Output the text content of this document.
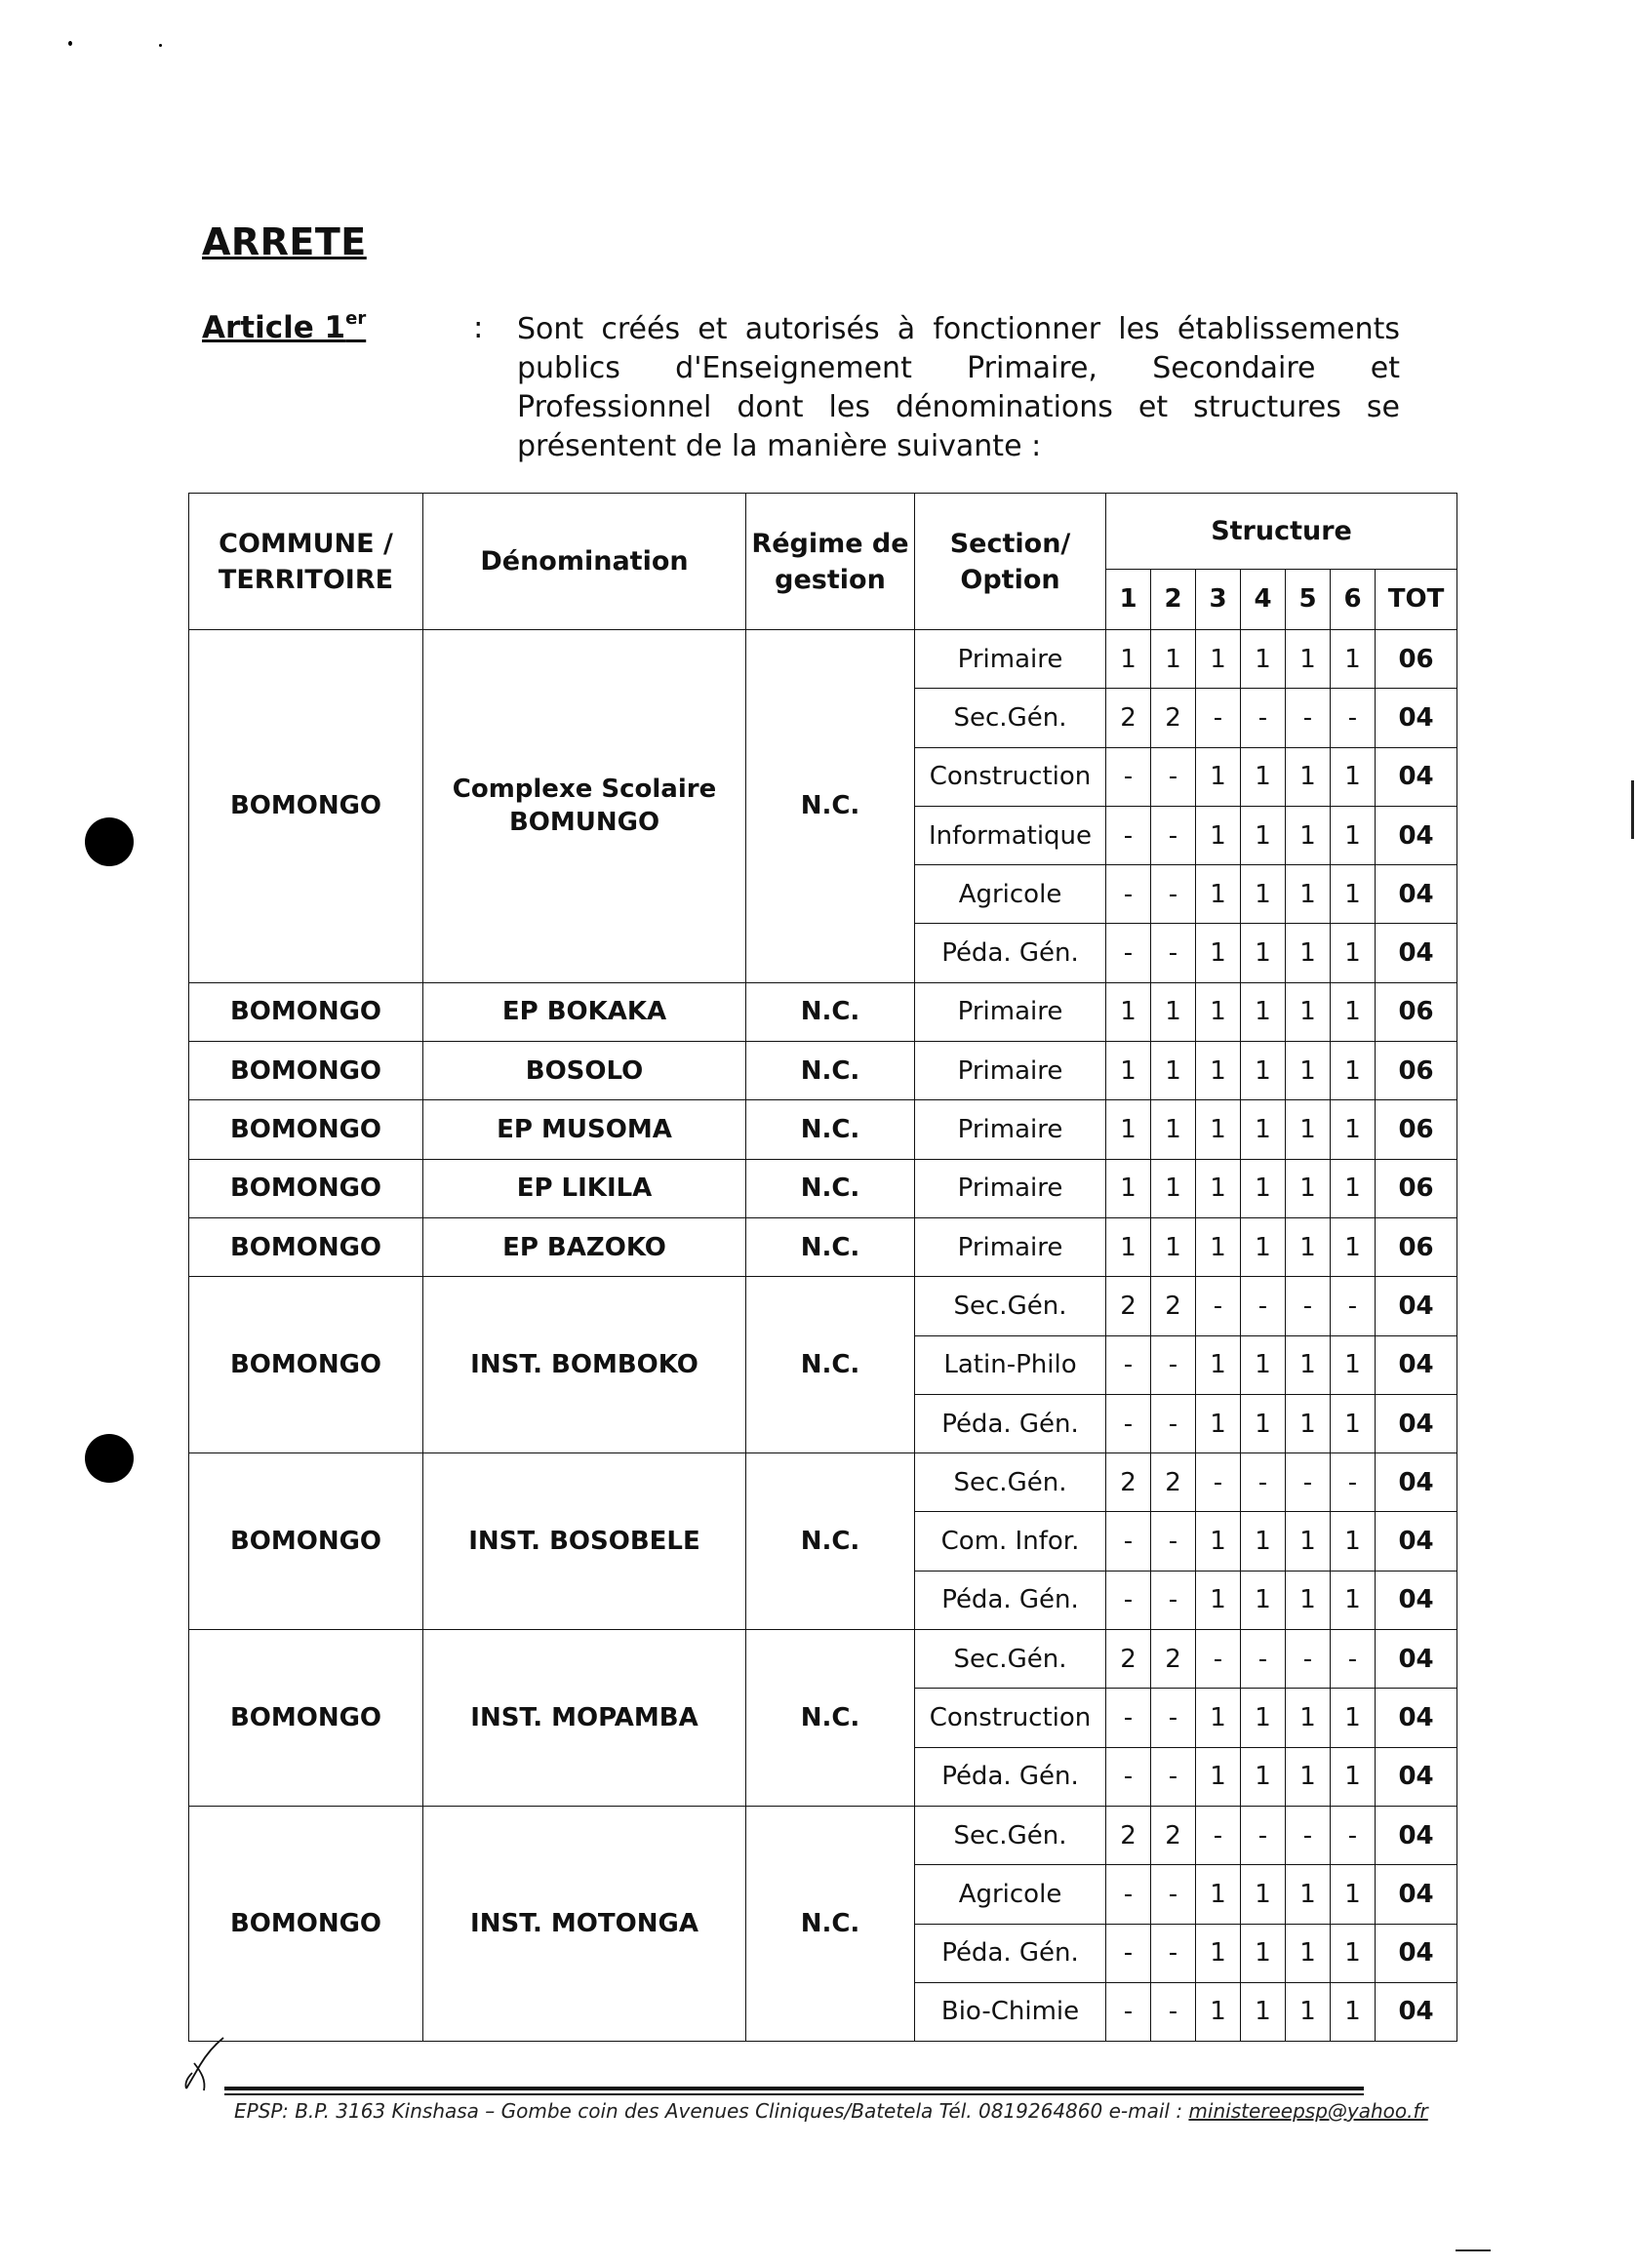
ARRETE
Article 1er	: Sont créés et autorisés à fonctionner les établissements publics d'Enseignement Primaire, Secondaire et Professionnel dont les dénominations et structures se présentent de la manière suivante :
COMMUNE / TERRITOIRE	Dénomination	Régime de gestion	Section/ Option	Structure						
				1	2	3	4	5	6	TOT
BOMONGO	Complexe Scolaire BOMUNGO	N.C.	Primaire	1	1	1	1	1	1	06
			Sec.Gén.	2	2	-	-	-	-	04
			Construction	-	-	1	1	1	1	04
			Informatique	-	-	1	1	1	1	04
			Agricole	-	-	1	1	1	1	04
			Péda. Gén.	-	-	1	1	1	1	04
BOMONGO	EP BOKAKA	N.C.	Primaire	1	1	1	1	1	1	06
BOMONGO	BOSOLO	N.C.	Primaire	1	1	1	1	1	1	06
BOMONGO	EP MUSOMA	N.C.	Primaire	1	1	1	1	1	1	06
BOMONGO	EP LIKILA	N.C.	Primaire	1	1	1	1	1	1	06
BOMONGO	EP BAZOKO	N.C.	Primaire	1	1	1	1	1	1	06
BOMONGO	INST. BOMBOKO	N.C.	Sec.Gén.	2	2	-	-	-	-	04
			Latin-Philo	-	-	1	1	1	1	04
			Péda. Gén.	-	-	1	1	1	1	04
BOMONGO	INST. BOSOBELE	N.C.	Sec.Gén.	2	2	-	-	-	-	04
			Com. Infor.	-	-	1	1	1	1	04
			Péda. Gén.	-	-	1	1	1	1	04
BOMONGO	INST. MOPAMBA	N.C.	Sec.Gén.	2	2	-	-	-	-	04
			Construction	-	-	1	1	1	1	04
			Péda. Gén.	-	-	1	1	1	1	04
BOMONGO	INST. MOTONGA	N.C.	Sec.Gén.	2	2	-	-	-	-	04
			Agricole	-	-	1	1	1	1	04
			Péda. Gén.	-	-	1	1	1	1	04
			Bio-Chimie	-	-	1	1	1	1	04
EPSP: B.P. 3163 Kinshasa – Gombe coin des Avenues Cliniques/Batetela Tél. 0819264860 e-mail : ministereepsp@yahoo.fr
